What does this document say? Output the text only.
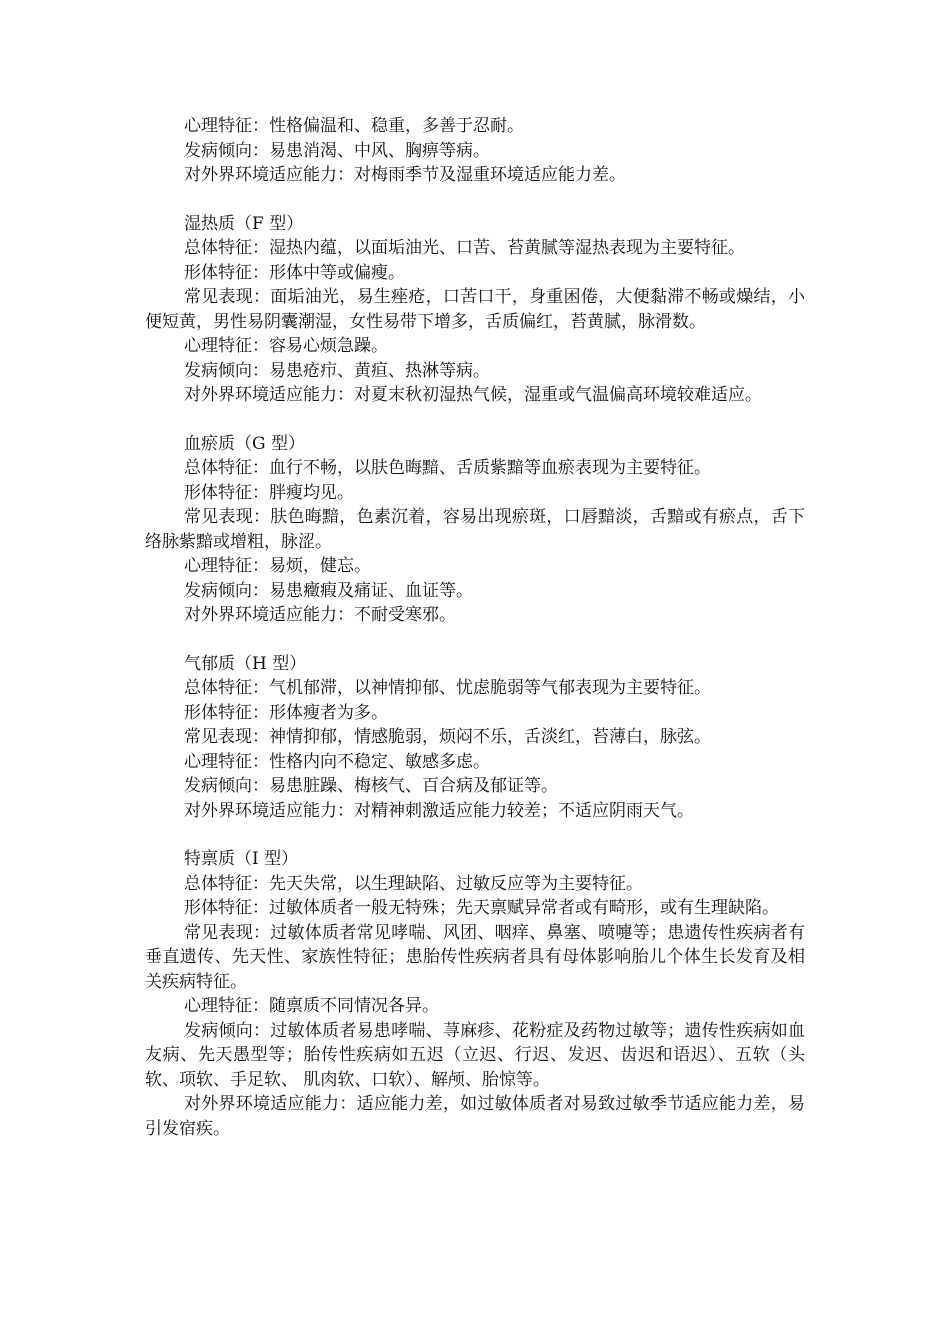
心理特征：性格偏温和、稳重，多善于忍耐。

发病倾向：易患消渴、中风、胸痹等病。

对外界环境适应能力：对梅雨季节及湿重环境适应能力差。

湿热质（F 型）

总体特征：湿热内蕴，以面垢油光、口苦、苔黄腻等湿热表现为主要特征。

形体特征：形体中等或偏瘦。

常见表现：面垢油光，易生痤疮，口苦口干，身重困倦，大便黏滞不畅或燥结，小便短黄，男性易阴囊潮湿，女性易带下增多，舌质偏红，苔黄腻，脉滑数。

心理特征：容易心烦急躁。

发病倾向：易患疮疖、黄疸、热淋等病。

对外界环境适应能力：对夏末秋初湿热气候，湿重或气温偏高环境较难适应。

血瘀质（G 型）

总体特征：血行不畅，以肤色晦黯、舌质紫黯等血瘀表现为主要特征。

形体特征：胖瘦均见。

常见表现：肤色晦黯，色素沉着，容易出现瘀斑，口唇黯淡，舌黯或有瘀点，舌下络脉紫黯或增粗，脉涩。

心理特征：易烦，健忘。

发病倾向：易患癥瘕及痛证、血证等。

对外界环境适应能力：不耐受寒邪。

气郁质（H 型）

总体特征：气机郁滞，以神情抑郁、忧虑脆弱等气郁表现为主要特征。

形体特征：形体瘦者为多。

常见表现：神情抑郁，情感脆弱，烦闷不乐，舌淡红，苔薄白，脉弦。

心理特征：性格内向不稳定、敏感多虑。

发病倾向：易患脏躁、梅核气、百合病及郁证等。

对外界环境适应能力：对精神刺激适应能力较差；不适应阴雨天气。

特禀质（I 型）

总体特征：先天失常，以生理缺陷、过敏反应等为主要特征。

形体特征：过敏体质者一般无特殊；先天禀赋异常者或有畸形，或有生理缺陷。

常见表现：过敏体质者常见哮喘、风团、咽痒、鼻塞、喷嚏等；患遗传性疾病者有垂直遗传、先天性、家族性特征；患胎传性疾病者具有母体影响胎儿个体生长发育及相关疾病特征。

心理特征：随禀质不同情况各异。

发病倾向：过敏体质者易患哮喘、荨麻疹、花粉症及药物过敏等；遗传性疾病如血友病、先天愚型等；胎传性疾病如五迟（立迟、行迟、发迟、齿迟和语迟）、五软（头软、项软、手足软、 肌肉软、口软）、解颅、胎惊等。

对外界环境适应能力：适应能力差，如过敏体质者对易致过敏季节适应能力差，易引发宿疾。
